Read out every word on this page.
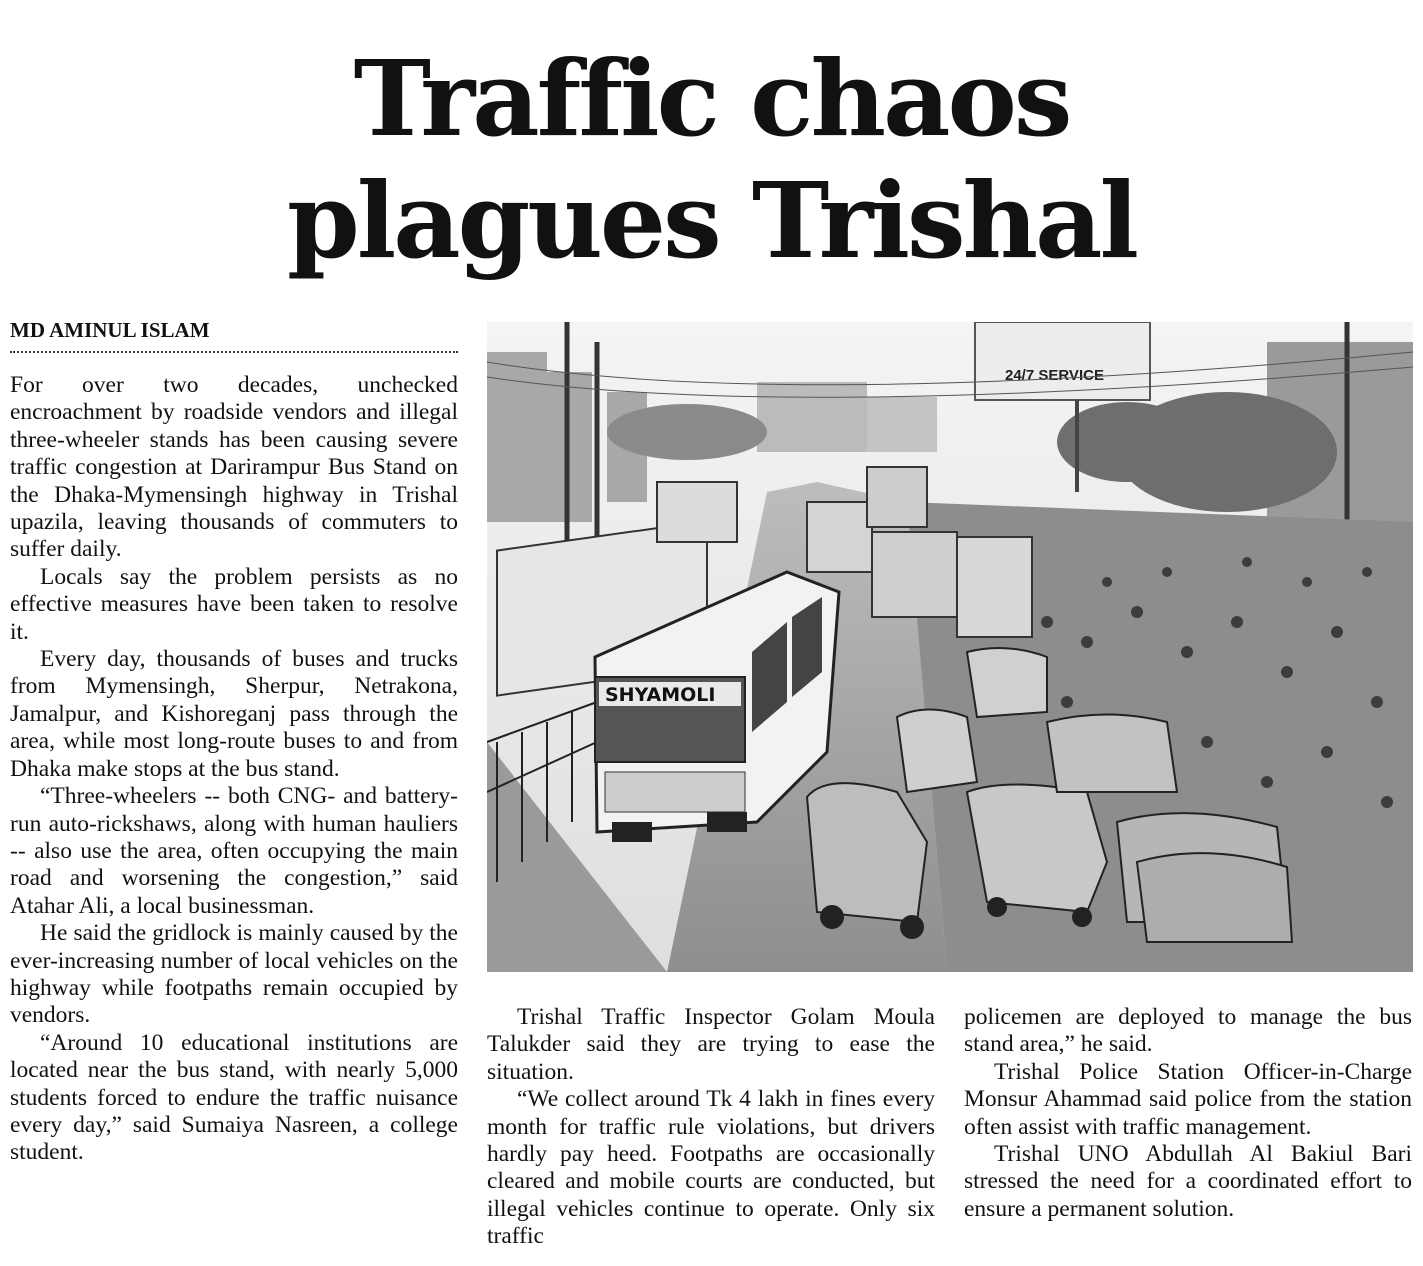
Traffic chaos
plagues Trishal
MD AMINUL ISLAM

For over two decades, unchecked encroachment by roadside vendors and illegal three-wheeler stands has been causing severe traffic congestion at Darirampur Bus Stand on the Dhaka-Mymensingh highway in Trishal upazila, leaving thousands of commuters to suffer daily.

Locals say the problem persists as no effective measures have been taken to resolve it.

Every day, thousands of buses and trucks from Mymensingh, Sherpur, Netrakona, Jamalpur, and Kishoreganj pass through the area, while most long-route buses to and from Dhaka make stops at the bus stand.

“Three-wheelers -- both CNG- and battery-run auto-rickshaws, along with human hauliers -- also use the area, often occupying the main road and worsening the congestion,” said Atahar Ali, a local businessman.

He said the gridlock is mainly caused by the ever-increasing number of local vehicles on the highway while footpaths remain occupied by vendors.

“Around 10 educational institutions are located near the bus stand, with nearly 5,000 students forced to endure the traffic nuisance every day,” said Sumaiya Nasreen, a college student.

24/7 SERVICE
SHYAMOLI

Trishal Traffic Inspector Golam Moula Talukder said they are trying to ease the situation.

“We collect around Tk 4 lakh in fines every month for traffic rule violations, but drivers hardly pay heed. Footpaths are occasionally cleared and mobile courts are conducted, but illegal vehicles continue to operate. Only six traffic

policemen are deployed to manage the bus stand area,” he said.

Trishal Police Station Officer-in-Charge Monsur Ahammad said police from the station often assist with traffic management.

Trishal UNO Abdullah Al Bakiul Bari stressed the need for a coordinated effort to ensure a permanent solution.
